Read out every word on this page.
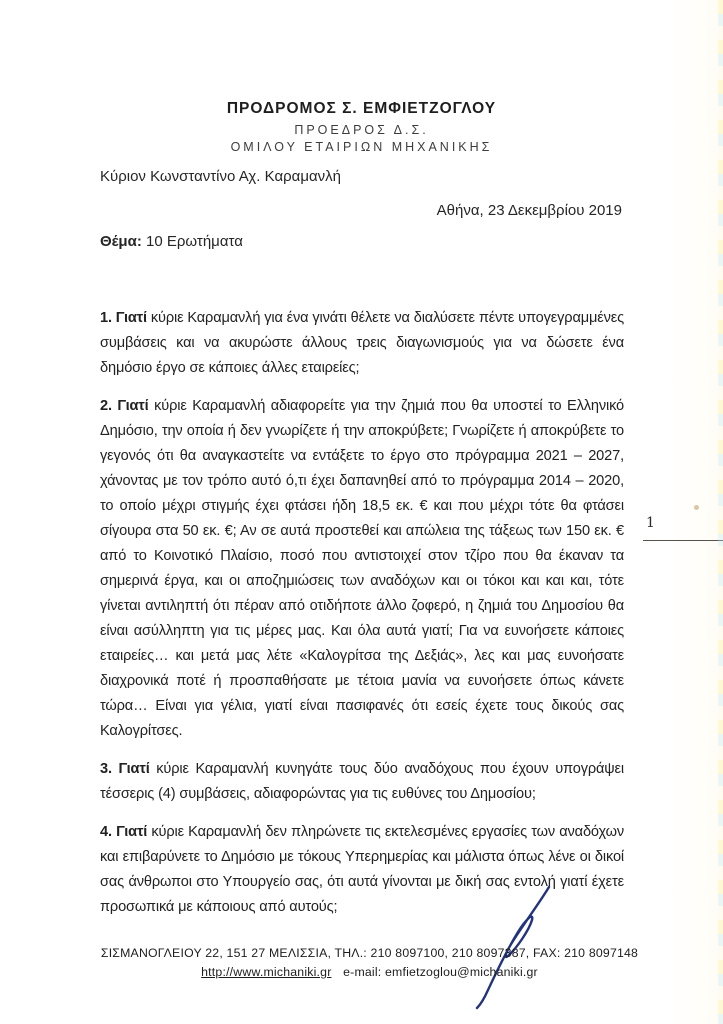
ΠΡΟΔΡΟΜΟΣ Σ. ΕΜΦΙΕΤΖΟΓΛΟΥ

ΠΡΟΕΔΡΟΣ Δ.Σ.

ΟΜΙΛΟΥ ΕΤΑΙΡΙΩΝ ΜΗΧΑΝΙΚΗΣ

Κύριον Κωνσταντίνο Αχ. Καραμανλή
Αθήνα, 23 Δεκεμβρίου 2019
Θέμα: 10 Ερωτήματα

1. Γιατί κύριε Καραμανλή για ένα γινάτι θέλετε να διαλύσετε πέντε υπογεγραμμένες συμβάσεις και να ακυρώστε άλλους τρεις διαγωνισμούς για να δώσετε ένα δημόσιο έργο σε κάποιες άλλες εταιρείες;

2. Γιατί κύριε Καραμανλή αδιαφορείτε για την ζημιά που θα υποστεί το Ελληνικό Δημόσιο, την οποία ή δεν γνωρίζετε ή την αποκρύβετε; Γνωρίζετε ή αποκρύβετε το γεγονός ότι θα αναγκαστείτε να εντάξετε το έργο στο πρόγραμμα 2021 – 2027, χάνοντας με τον τρόπο αυτό ό,τι έχει δαπανηθεί από το πρόγραμμα 2014 – 2020, το οποίο μέχρι στιγμής έχει φτάσει ήδη 18,5 εκ. € και που μέχρι τότε θα φτάσει σίγουρα στα 50 εκ. €; Αν σε αυτά προστεθεί και απώλεια της τάξεως των 150 εκ. € από το Κοινοτικό Πλαίσιο, ποσό που αντιστοιχεί στον τζίρο που θα έκαναν τα σημερινά έργα, και οι αποζημιώσεις των αναδόχων και οι τόκοι και και και, τότε γίνεται αντιληπτή ότι πέραν από οτιδήποτε άλλο ζοφερό, η ζημιά του Δημοσίου θα είναι ασύλληπτη για τις μέρες μας. Και όλα αυτά γιατί; Για να ευνοήσετε κάποιες εταιρείες… και μετά μας λέτε «Καλογρίτσα της Δεξιάς», λες και μας ευνοήσατε διαχρονικά ποτέ ή προσπαθήσατε με τέτοια μανία να ευνοήσετε όπως κάνετε τώρα… Είναι για γέλια, γιατί είναι πασιφανές ότι εσείς έχετε τους δικούς σας Καλογρίτσες.

3. Γιατί κύριε Καραμανλή κυνηγάτε τους δύο αναδόχους που έχουν υπογράψει τέσσερις (4) συμβάσεις, αδιαφορώντας για τις ευθύνες του Δημοσίου;

4. Γιατί κύριε Καραμανλή δεν πληρώνετε τις εκτελεσμένες εργασίες των αναδόχων και επιβαρύνετε το Δημόσιο με τόκους Υπερημερίας και μάλιστα όπως λένε οι δικοί σας άνθρωποι στο Υπουργείο σας, ότι αυτά γίνονται με δική σας εντολή γιατί έχετε προσωπικά με κάποιους από αυτούς;

1

ΣΙΣΜΑΝΟΓΛΕΙΟΥ 22, 151 27 ΜΕΛΙΣΣΙΑ, ΤΗΛ.: 210 8097100, 210 8097387, FAX: 210 8097148

http://www.michaniki.gr e-mail: emfietzoglou@michaniki.gr
